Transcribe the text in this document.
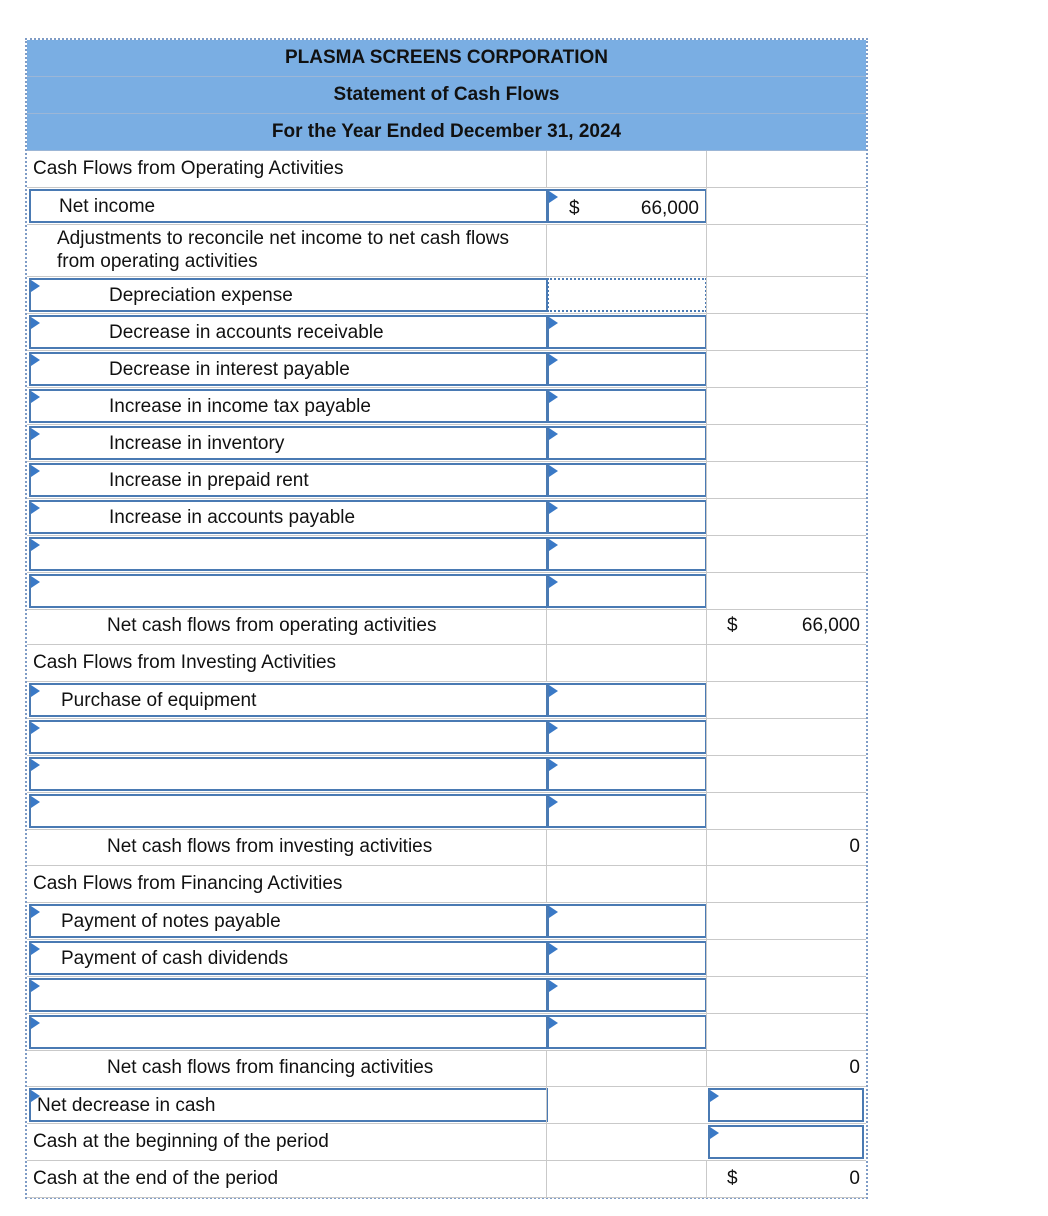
PLASMA SCREENS CORPORATION
Statement of Cash Flows
For the Year Ended December 31, 2024
Cash Flows from Operating Activities
Net income	$	66,000
Adjustments to reconcile net income to net cash flows from operating activities
Depreciation expense
Decrease in accounts receivable
Decrease in interest payable
Increase in income tax payable
Increase in inventory
Increase in prepaid rent
Increase in accounts payable
Net cash flows from operating activities	$	66,000
Cash Flows from Investing Activities
Purchase of equipment
Net cash flows from investing activities	0
Cash Flows from Financing Activities
Payment of notes payable
Payment of cash dividends
Net cash flows from financing activities	0
Net decrease in cash
Cash at the beginning of the period
Cash at the end of the period	$	0
